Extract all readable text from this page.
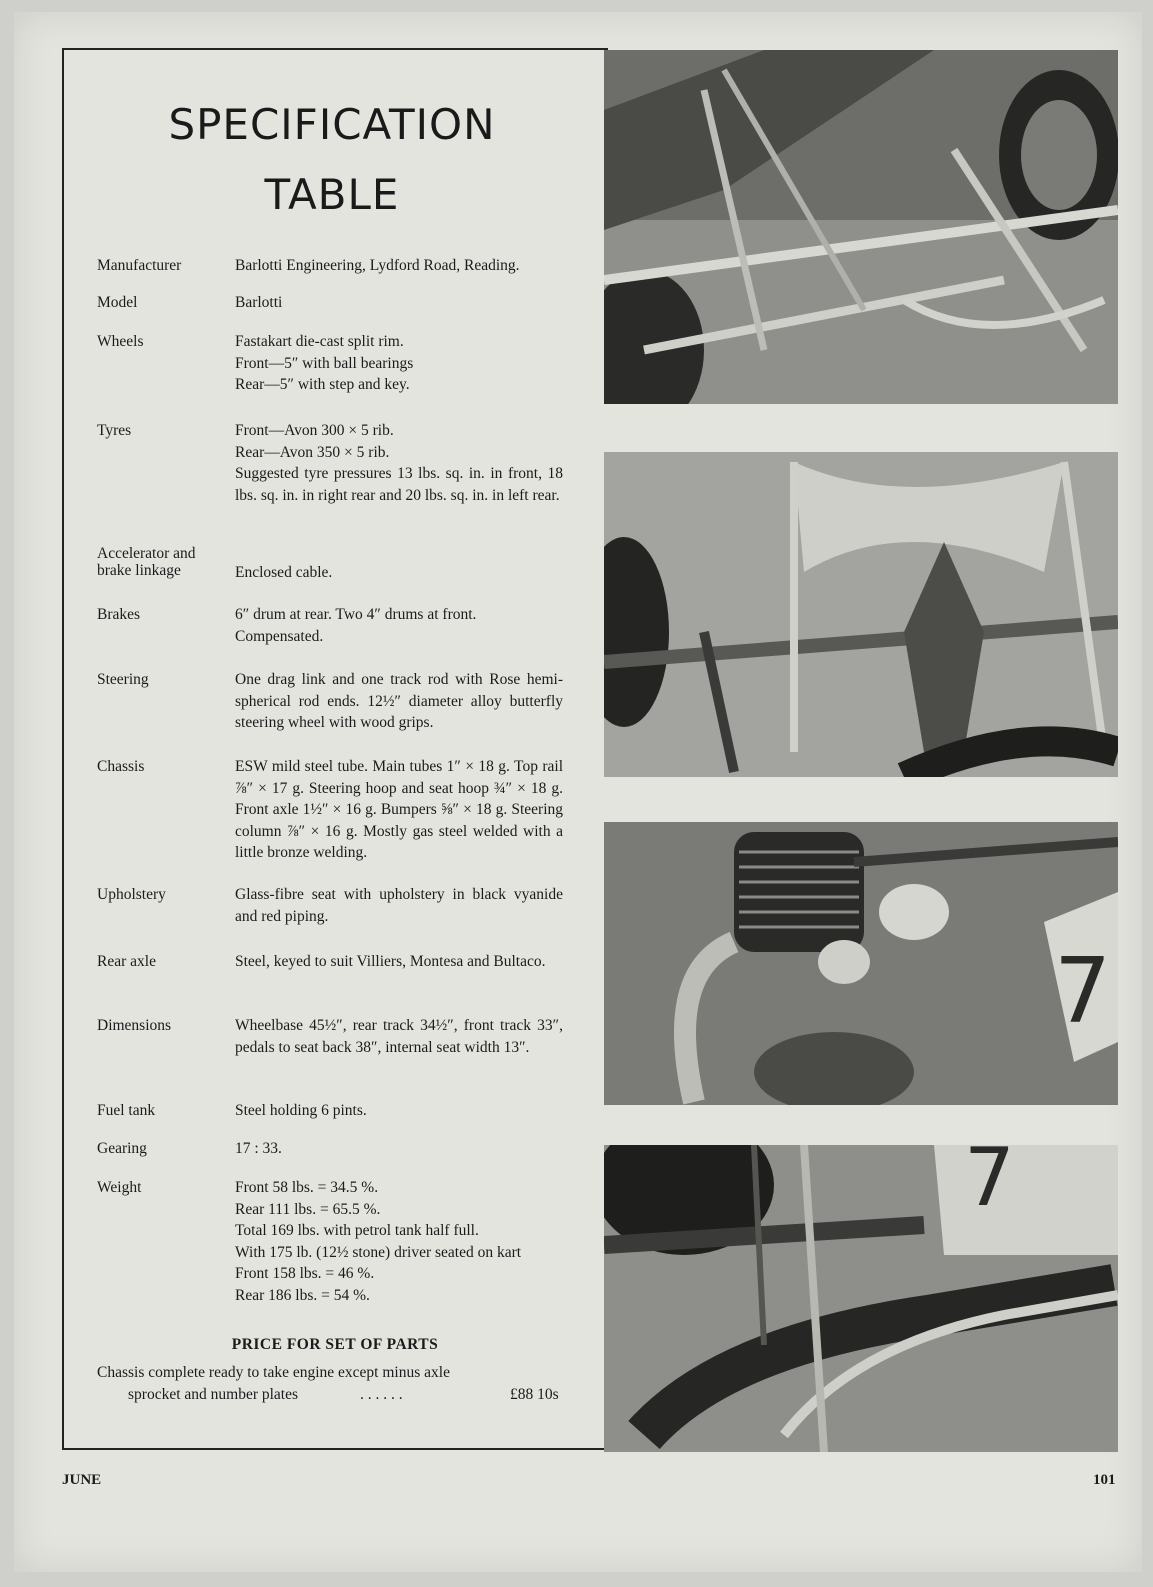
SPECIFICATION
TABLE
Manufacturer	Barlotti Engineering, Lydford Road, Reading.
Model	Barlotti
Wheels	Fastakart die-cast split rim.
Front—5″ with ball bearings
Rear—5″ with step and key.
Tyres	Front—Avon 300 × 5 rib.
Rear—Avon 350 × 5 rib.
Suggested tyre pressures 13 lbs. sq. in. in front, 18 lbs. sq. in. in right rear and 20 lbs. sq. in. in left rear.
Accelerator and brake linkage	Enclosed cable.
Brakes	6″ drum at rear. Two 4″ drums at front.
Compensated.
Steering	One drag link and one track rod with Rose hemi-spherical rod ends. 12½″ diameter alloy butterfly steering wheel with wood grips.
Chassis	ESW mild steel tube. Main tubes 1″ × 18 g. Top rail ⅞″ × 17 g. Steering hoop and seat hoop ¾″ × 18 g. Front axle 1½″ × 16 g. Bumpers ⅝″ × 18 g. Steering column ⅞″ × 16 g. Mostly gas steel welded with a little bronze welding.
Upholstery	Glass-fibre seat with upholstery in black vyanide and red piping.
Rear axle	Steel, keyed to suit Villiers, Montesa and Bultaco.
Dimensions	Wheelbase 45½″, rear track 34½″, front track 33″, pedals to seat back 38″, internal seat width 13″.
Fuel tank	Steel holding 6 pints.
Gearing	17 : 33.
Weight	Front 58 lbs. = 34.5 %.
Rear 111 lbs. = 65.5 %.
Total 169 lbs. with petrol tank half full.
With 175 lb. (12½ stone) driver seated on kart
Front 158 lbs. = 46 %.
Rear 186 lbs. = 54 %.
PRICE FOR SET OF PARTS
Chassis complete ready to take engine except minus axle
sprocket and number plates	. . . . . .	£88 10s
JUNE	101
7
7
